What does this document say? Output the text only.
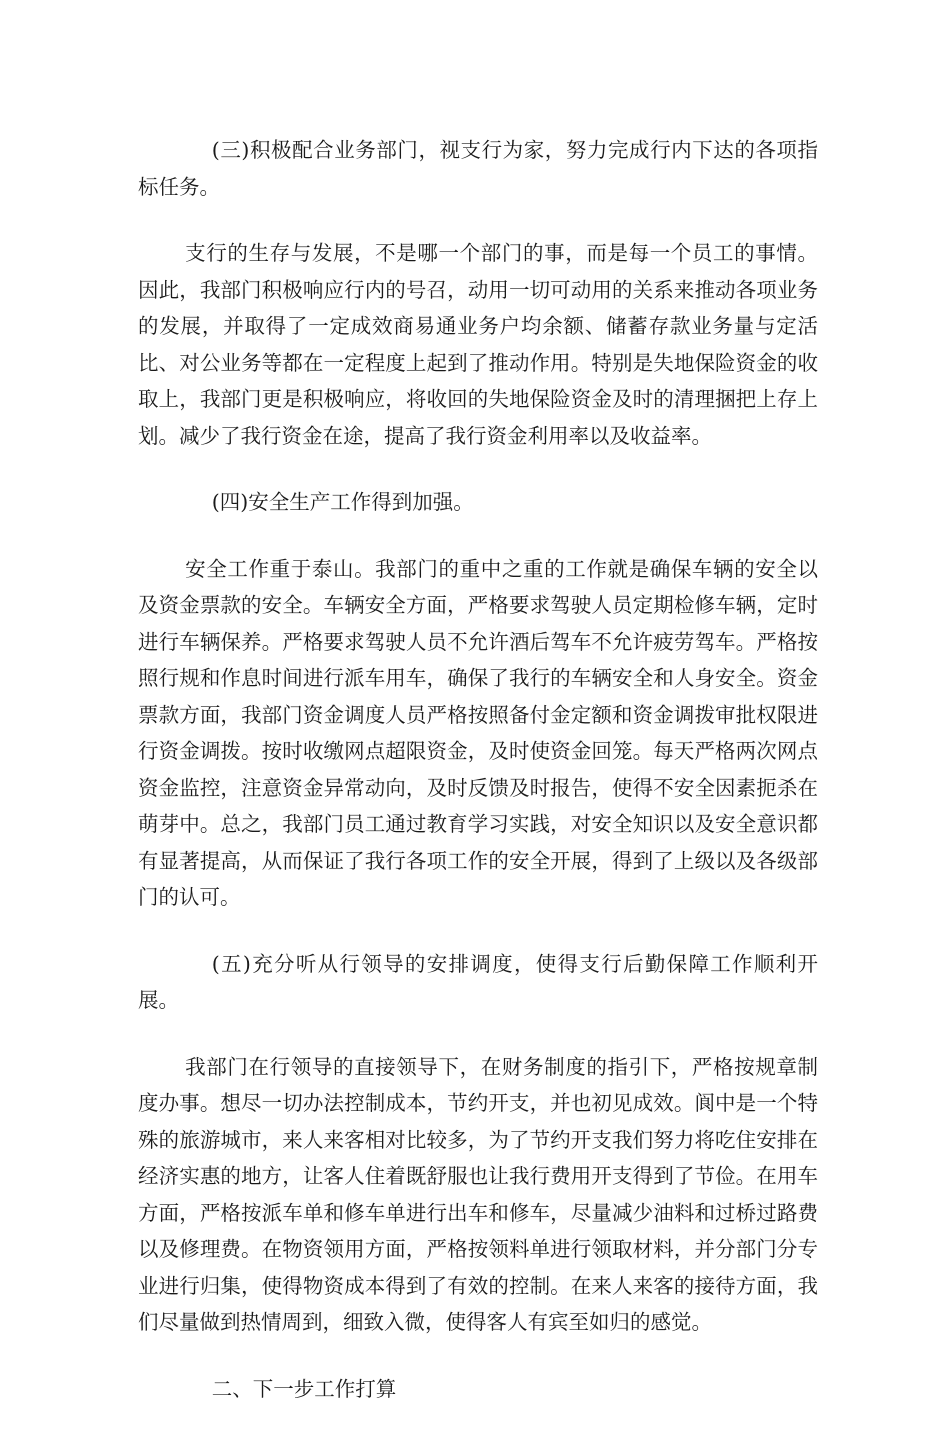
(三)积极配合业务部门，视支行为家，努力完成行内下达的各项指标任务。

支行的生存与发展，不是哪一个部门的事，而是每一个员工的事情。因此，我部门积极响应行内的号召，动用一切可动用的关系来推动各项业务的发展，并取得了一定成效商易通业务户均余额、储蓄存款业务量与定活比、对公业务等都在一定程度上起到了推动作用。特别是失地保险资金的收取上，我部门更是积极响应，将收回的失地保险资金及时的清理捆把上存上划。减少了我行资金在途，提高了我行资金利用率以及收益率。

(四)安全生产工作得到加强。

安全工作重于泰山。我部门的重中之重的工作就是确保车辆的安全以及资金票款的安全。车辆安全方面，严格要求驾驶人员定期检修车辆，定时进行车辆保养。严格要求驾驶人员不允许酒后驾车不允许疲劳驾车。严格按照行规和作息时间进行派车用车，确保了我行的车辆安全和人身安全。资金票款方面，我部门资金调度人员严格按照备付金定额和资金调拨审批权限进行资金调拨。按时收缴网点超限资金，及时使资金回笼。每天严格两次网点资金监控，注意资金异常动向，及时反馈及时报告，使得不安全因素扼杀在萌芽中。总之，我部门员工通过教育学习实践，对安全知识以及安全意识都有显著提高，从而保证了我行各项工作的安全开展，得到了上级以及各级部门的认可。

(五)充分听从行领导的安排调度，使得支行后勤保障工作顺利开展。

我部门在行领导的直接领导下，在财务制度的指引下，严格按规章制度办事。想尽一切办法控制成本，节约开支，并也初见成效。阆中是一个特殊的旅游城市，来人来客相对比较多，为了节约开支我们努力将吃住安排在经济实惠的地方，让客人住着既舒服也让我行费用开支得到了节俭。在用车方面，严格按派车单和修车单进行出车和修车，尽量减少油料和过桥过路费以及修理费。在物资领用方面，严格按领料单进行领取材料，并分部门分专业进行归集，使得物资成本得到了有效的控制。在来人来客的接待方面，我们尽量做到热情周到，细致入微，使得客人有宾至如归的感觉。

二、下一步工作打算
